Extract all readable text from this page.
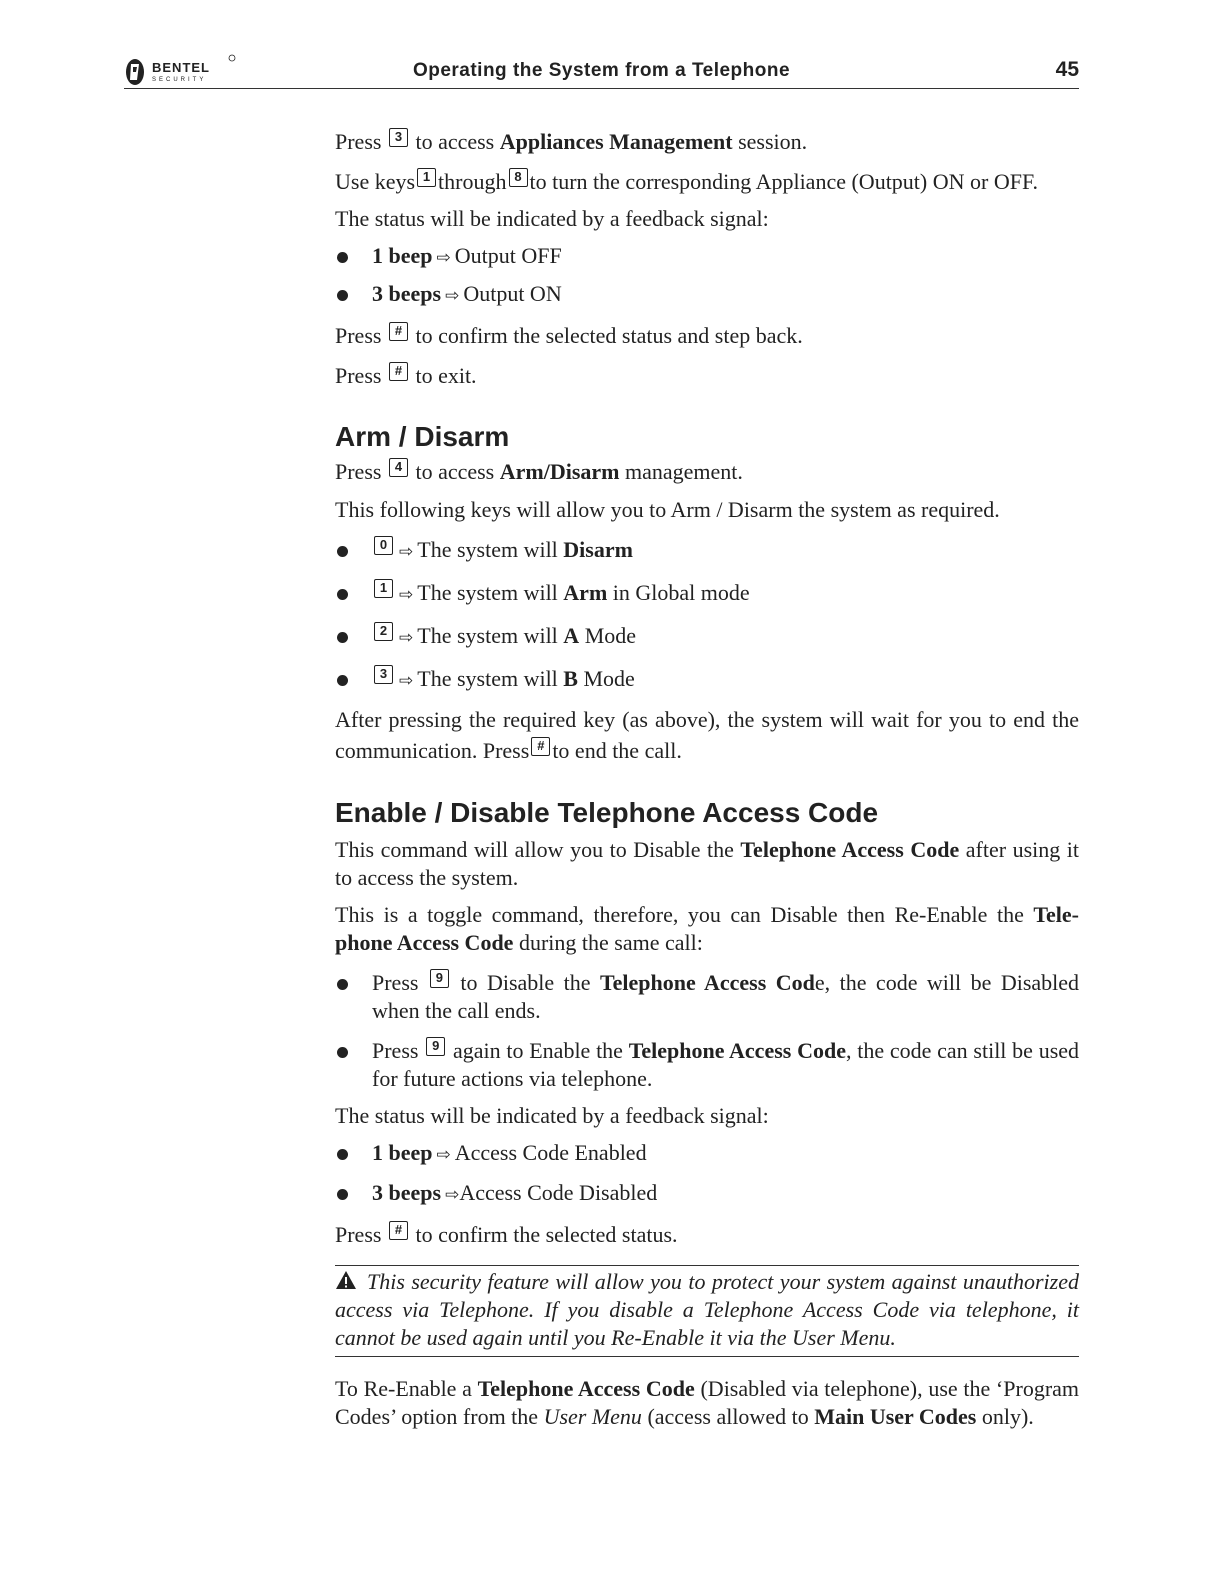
BENTEL
SECURITY	Operating the System from a Telephone	45

Press	3 to access Appliances Management session.

Use keys 1 through 8 to turn the corresponding Appliance (Output) ON or OFF.

The status will be indicated by a feedback signal:

1 beep ⇨ Output OFF
3 beeps ⇨ Output ON

Press	# to confirm the selected status and step back.

Press	# to exit.

Arm / Disarm

Press	4 to access Arm/Disarm management.

This following keys will allow you to Arm / Disarm the system as required.

0 ⇨ The system will Disarm
1 ⇨ The system will Arm in Global mode
2 ⇨ The system will A Mode
3 ⇨ The system will B Mode

After pressing the required key (as above), the system will wait for you to end the communication. Press # to end the call.

Enable / Disable Telephone Access Code

This command will allow you to Disable the Telephone Access Code after using it to access the system.

This is a toggle command, therefore, you can Disable then Re-Enable the Tele-phone Access Code during the same call:

Press	9 to Disable the Telephone Access Code, the code will be Disabled when the call ends.
Press	9 again to Enable the Telephone Access Code, the code can still be used for future actions via telephone.

The status will be indicated by a feedback signal:

1 beep ⇨ Access Code Enabled
3 beeps ⇨Access Code Disabled

Press	# to confirm the selected status.

This security feature will allow you to protect your system against unauthorized access via Telephone. If you disable a Telephone Access Code via telephone, it cannot be used again until you Re-Enable it via the User Menu.

To Re-Enable a Telephone Access Code (Disabled via telephone), use the ‘Program Codes’ option from the User Menu (access allowed to Main User Codes only).
